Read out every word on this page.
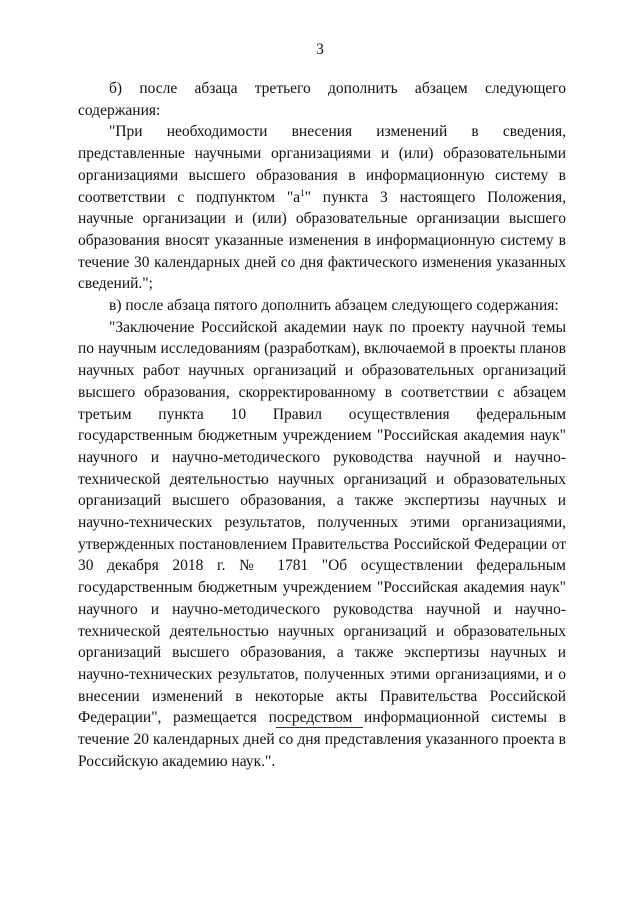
3

б) после абзаца третьего дополнить абзацем следующего содержания:

"При необходимости внесения изменений в сведения, представленные научными организациями и (или) образовательными организациями высшего образования в информационную систему в соответствии с подпунктом "$а^1$" пункта 3 настоящего Положения, научные организации и (или) образовательные организации высшего образования вносят указанные изменения в информационную систему в течение 30 календарных дней со дня фактического изменения указанных сведений.";

в) после абзаца пятого дополнить абзацем следующего содержания:

"Заключение Российской академии наук по проекту научной темы по научным исследованиям (разработкам), включаемой в проекты планов научных работ научных организаций и образовательных организаций высшего образования, скорректированному в соответствии с абзацем третьим пункта 10 Правил осуществления федеральным государственным бюджетным учреждением "Российская академия наук" научного и научно-методического руководства научной и научно-технической деятельностью научных организаций и образовательных организаций высшего образования, а также экспертизы научных и научно-технических результатов, полученных этими организациями, утвержденных постановлением Правительства Российской Федерации от 30 декабря 2018 г. № 1781 "Об осуществлении федеральным государственным бюджетным учреждением "Российская академия наук" научного и научно-методического руководства научной и научно-технической деятельностью научных организаций и образовательных организаций высшего образования, а также экспертизы научных и научно-технических результатов, полученных этими организациями, и о внесении изменений в некоторые акты Правительства Российской Федерации", размещается посредством информационной системы в течение 20 календарных дней со дня представления указанного проекта в Российскую академию наук.".
